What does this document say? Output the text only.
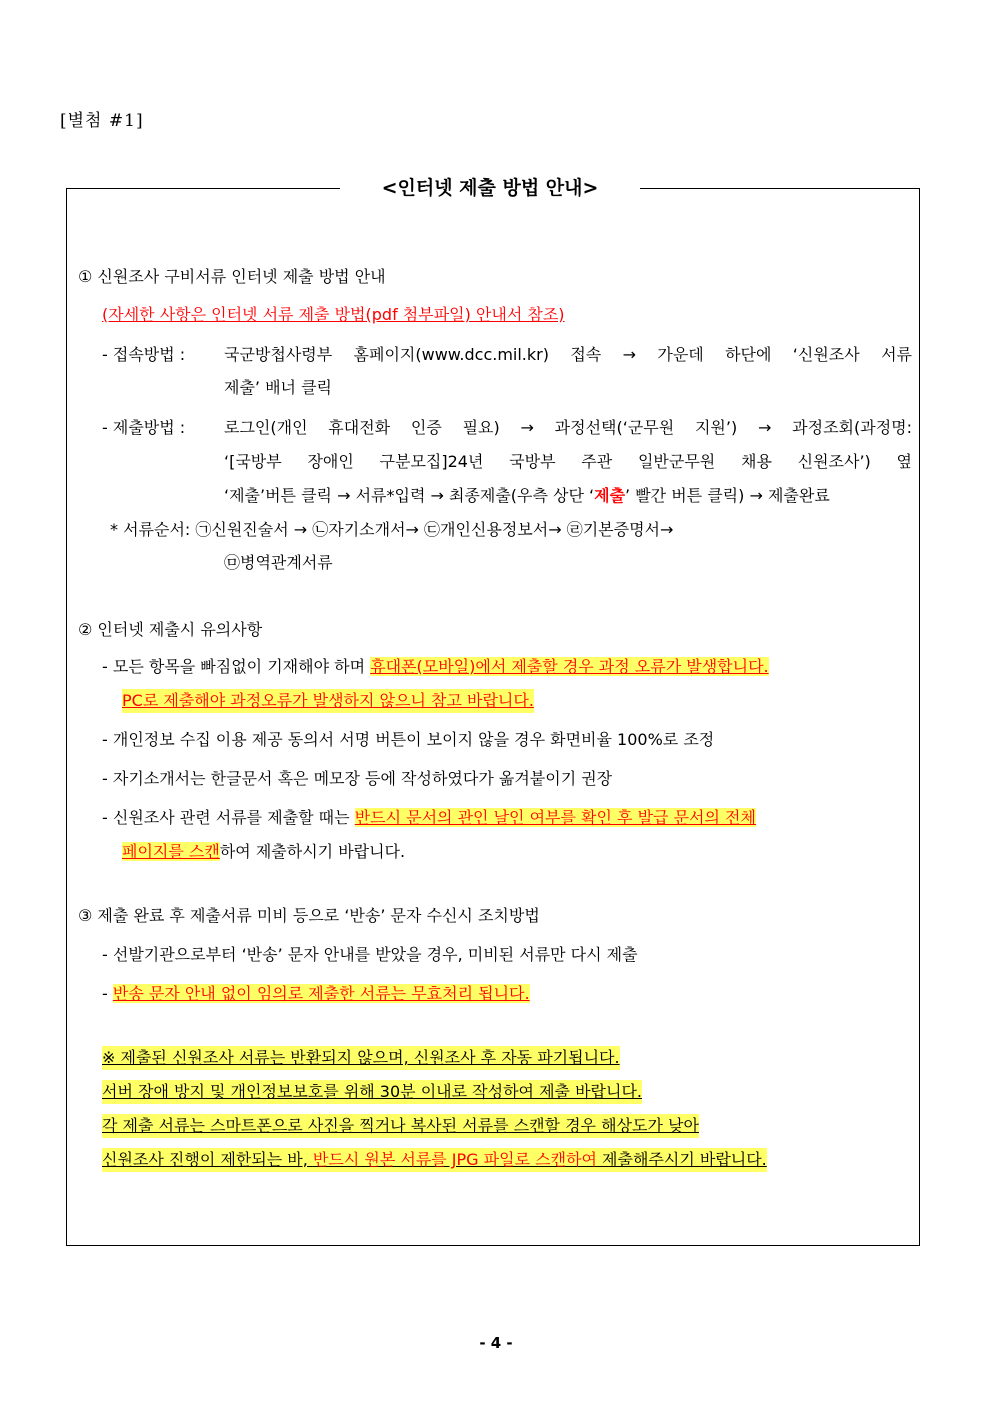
[별첨 #1]
<인터넷 제출 방법 안내>
① 신원조사 구비서류 인터넷 제출 방법 안내
(자세한 사항은 인터넷 서류 제출 방법(pdf 첨부파일) 안내서 참조)
- 접속방법 : 국군방첩사령부 홈페이지(www.dcc.mil.kr) 접속 → 가운데 하단에 ‘신원조사 서류
제출’ 배너 클릭
- 제출방법 : 로그인(개인 휴대전화 인증 필요) → 과정선택(‘군무원 지원’) → 과정조회(과정명:
‘[국방부 장애인 구분모집]24년 국방부 주관 일반군무원 채용 신원조사’) 옆
‘제출’버튼 클릭 → 서류*입력 → 최종제출(우측 상단 ‘제출’ 빨간 버튼 클릭) → 제출완료
* 서류순서: ㉠신원진술서 → ㉡자기소개서→ ㉢개인신용정보서→ ㉣기본증명서→
㉤병역관계서류
② 인터넷 제출시 유의사항
- 모든 항목을 빠짐없이 기재해야 하며 휴대폰(모바일)에서 제출할 경우 과정 오류가 발생합니다.
PC로 제출해야 과정오류가 발생하지 않으니 참고 바랍니다.
- 개인정보 수집 이용 제공 동의서 서명 버튼이 보이지 않을 경우 화면비율 100%로 조정
- 자기소개서는 한글문서 혹은 메모장 등에 작성하였다가 옮겨붙이기 권장
- 신원조사 관련 서류를 제출할 때는 반드시 문서의 관인 날인 여부를 확인 후 발급 문서의 전체
페이지를 스캔하여 제출하시기 바랍니다.
③ 제출 완료 후 제출서류 미비 등으로 ‘반송’ 문자 수신시 조치방법
- 선발기관으로부터 ‘반송’ 문자 안내를 받았을 경우, 미비된 서류만 다시 제출
- 반송 문자 안내 없이 임의로 제출한 서류는 무효처리 됩니다.
※ 제출된 신원조사 서류는 반환되지 않으며, 신원조사 후 자동 파기됩니다.
서버 장애 방지 및 개인정보보호를 위해 30분 이내로 작성하여 제출 바랍니다.
각 제출 서류는 스마트폰으로 사진을 찍거나 복사된 서류를 스캔할 경우 해상도가 낮아
신원조사 진행이 제한되는 바, 반드시 원본 서류를 JPG 파일로 스캔하여 제출해주시기 바랍니다.
- 4 -
